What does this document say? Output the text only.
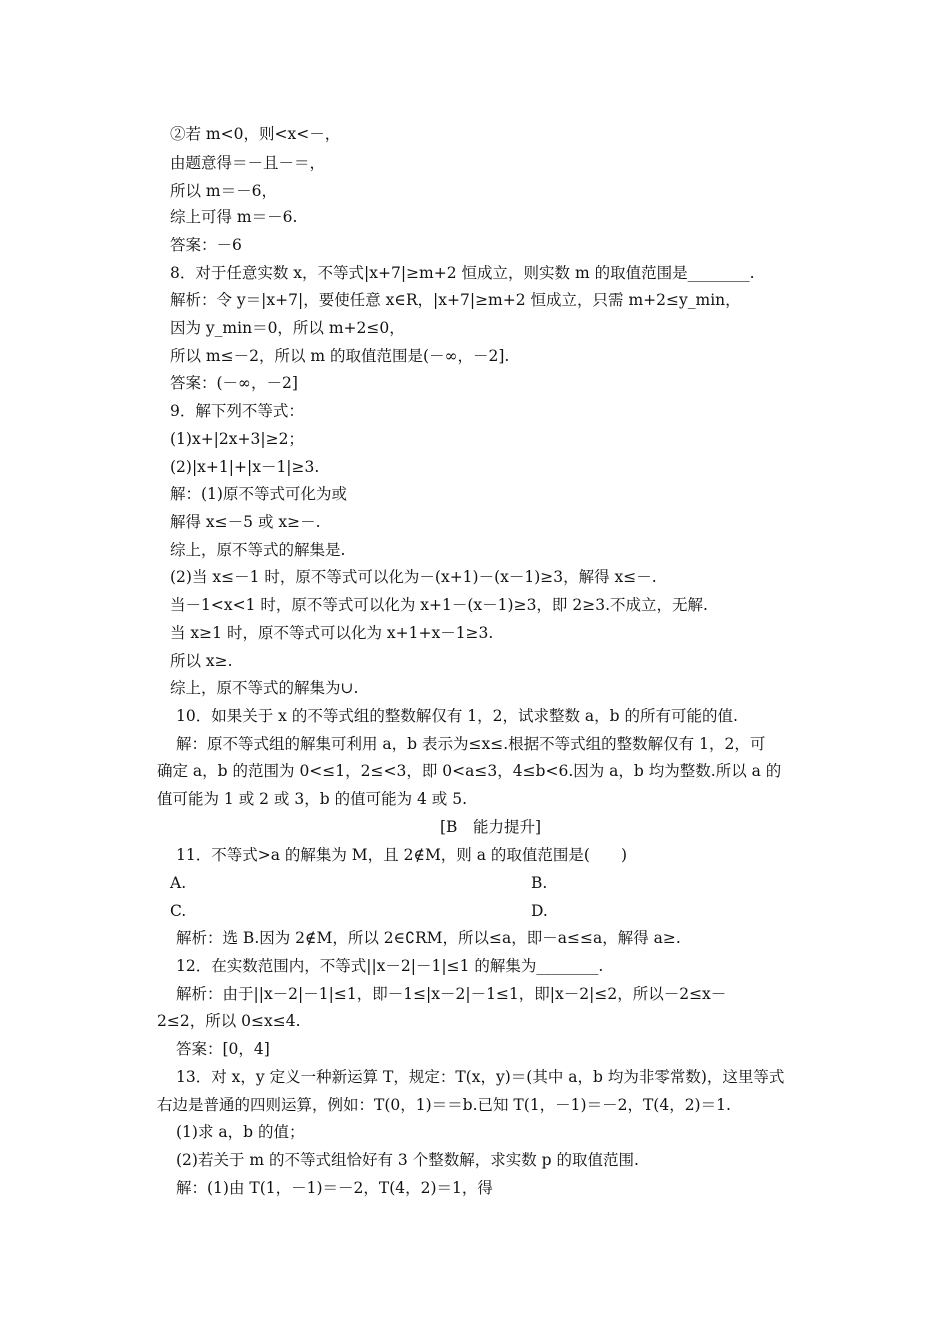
②若 m<0，则<x<－，
由题意得＝－且－＝，
所以 m＝－6，
综上可得 m＝－6.
答案：－6
8．对于任意实数 x，不等式|x+7|≥m+2 恒成立，则实数 m 的取值范围是________.
解析：令 y＝|x+7|，要使任意 x∈R，|x+7|≥m+2 恒成立，只需 m+2≤y_min，
因为 y_min＝0，所以 m+2≤0，
所以 m≤－2，所以 m 的取值范围是(－∞，－2].
答案：(－∞，－2]
9．解下列不等式：
(1)x+|2x+3|≥2；
(2)|x+1|+|x－1|≥3.
解：(1)原不等式可化为或
解得 x≤－5 或 x≥－.
综上，原不等式的解集是.
(2)当 x≤－1 时，原不等式可以化为－(x+1)－(x－1)≥3，解得 x≤－.
当－1<x<1 时，原不等式可以化为 x+1－(x－1)≥3，即 2≥3.不成立，无解.
当 x≥1 时，原不等式可以化为 x+1+x－1≥3.
所以 x≥.
综上，原不等式的解集为∪.
10．如果关于 x 的不等式组的整数解仅有 1，2，试求整数 a，b 的所有可能的值.
解：原不等式组的解集可利用 a，b 表示为≤x≤.根据不等式组的整数解仅有 1，2，可
确定 a，b 的范围为 0<≤1，2≤<3，即 0<a≤3，4≤b<6.因为 a，b 均为整数.所以 a 的
值可能为 1 或 2 或 3，b 的值可能为 4 或 5.
[B　能力提升]
11．不等式>a 的解集为 M，且 2∉M，则 a 的取值范围是(　　)
A.	B.
C.	D.
解析：选 B.因为 2∉M，所以 2∈∁RM，所以≤a，即－a≤≤a，解得 a≥.
12．在实数范围内，不等式||x－2|－1|≤1 的解集为________.
解析：由于||x－2|－1|≤1，即－1≤|x－2|－1≤1，即|x－2|≤2，所以－2≤x－
2≤2，所以 0≤x≤4.
答案：[0，4]
13．对 x，y 定义一种新运算 T，规定：T(x，y)＝(其中 a，b 均为非零常数)，这里等式
右边是普通的四则运算，例如：T(0，1)＝＝b.已知 T(1，－1)＝－2，T(4，2)＝1.
(1)求 a，b 的值；
(2)若关于 m 的不等式组恰好有 3 个整数解，求实数 p 的取值范围.
解：(1)由 T(1，－1)＝－2，T(4，2)＝1，得
